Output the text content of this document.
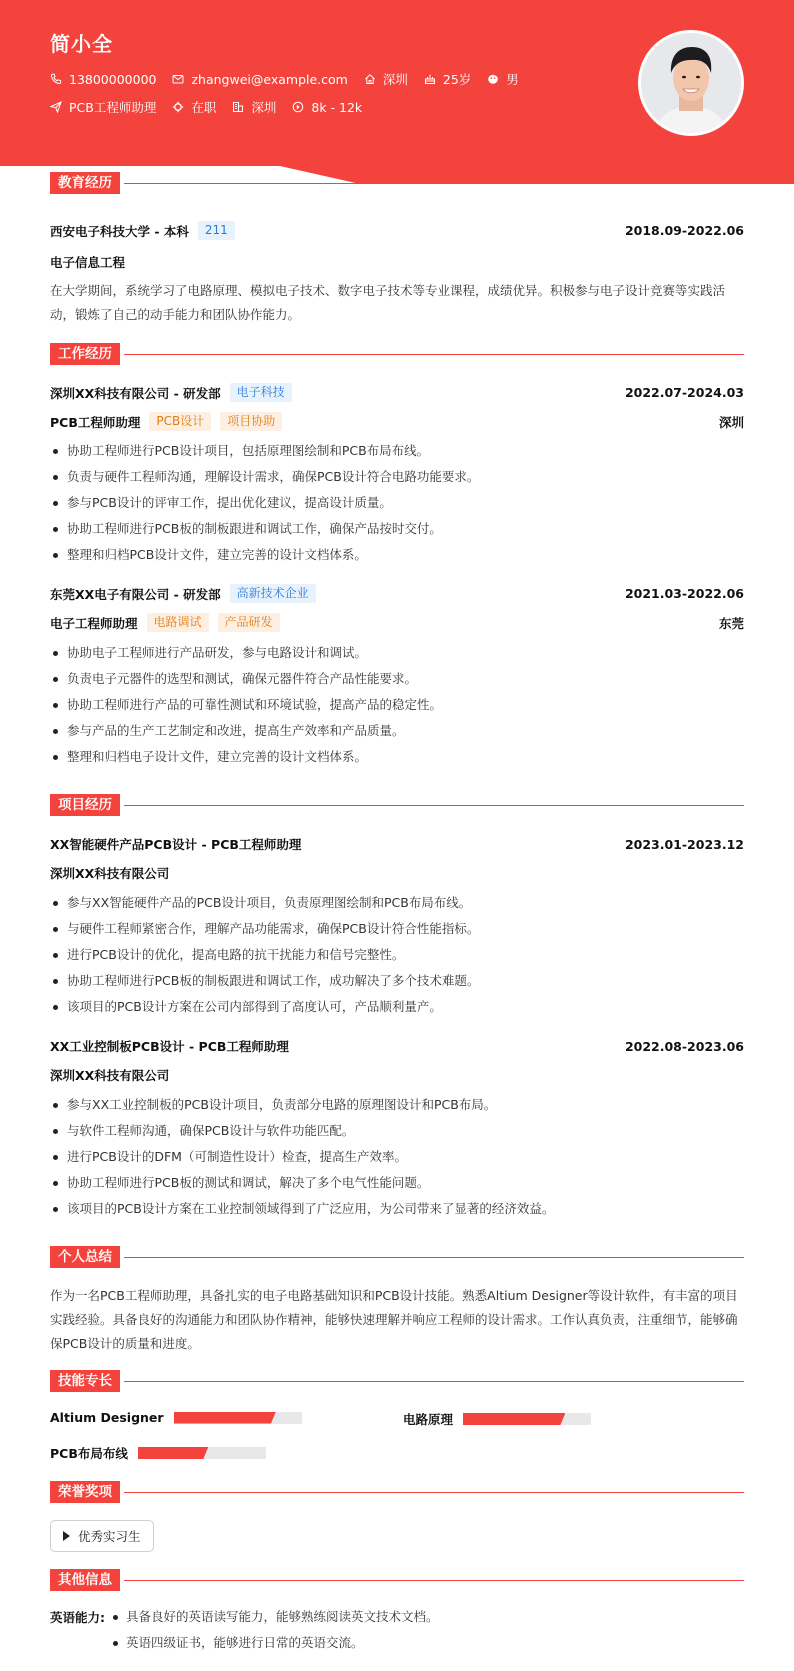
简小全
13800000000	zhangwei@example.com	深圳	25岁	男
PCB工程师助理	在职	深圳	8k - 12k
教育经历
西安电子科技大学 - 本科	211	2018.09-2022.06
电子信息工程
在大学期间，系统学习了电路原理、模拟电子技术、数字电子技术等专业课程，成绩优异。积极参与电子设计竞赛等实践活动，锻炼了自己的动手能力和团队协作能力。
工作经历
深圳XX科技有限公司 - 研发部	电子科技	2022.07-2024.03
PCB工程师助理	PCB设计	项目协助	深圳
协助工程师进行PCB设计项目，包括原理图绘制和PCB布局布线。
负责与硬件工程师沟通，理解设计需求，确保PCB设计符合电路功能要求。
参与PCB设计的评审工作，提出优化建议，提高设计质量。
协助工程师进行PCB板的制板跟进和调试工作，确保产品按时交付。
整理和归档PCB设计文件，建立完善的设计文档体系。
东莞XX电子有限公司 - 研发部	高新技术企业	2021.03-2022.06
电子工程师助理	电路调试	产品研发	东莞
协助电子工程师进行产品研发，参与电路设计和调试。
负责电子元器件的选型和测试，确保元器件符合产品性能要求。
协助工程师进行产品的可靠性测试和环境试验，提高产品的稳定性。
参与产品的生产工艺制定和改进，提高生产效率和产品质量。
整理和归档电子设计文件，建立完善的设计文档体系。
项目经历
XX智能硬件产品PCB设计 - PCB工程师助理	2023.01-2023.12
深圳XX科技有限公司
参与XX智能硬件产品的PCB设计项目，负责原理图绘制和PCB布局布线。
与硬件工程师紧密合作，理解产品功能需求，确保PCB设计符合性能指标。
进行PCB设计的优化，提高电路的抗干扰能力和信号完整性。
协助工程师进行PCB板的制板跟进和调试工作，成功解决了多个技术难题。
该项目的PCB设计方案在公司内部得到了高度认可，产品顺利量产。
XX工业控制板PCB设计 - PCB工程师助理	2022.08-2023.06
深圳XX科技有限公司
参与XX工业控制板的PCB设计项目，负责部分电路的原理图设计和PCB布局。
与软件工程师沟通，确保PCB设计与软件功能匹配。
进行PCB设计的DFM（可制造性设计）检查，提高生产效率。
协助工程师进行PCB板的测试和调试，解决了多个电气性能问题。
该项目的PCB设计方案在工业控制领域得到了广泛应用，为公司带来了显著的经济效益。
个人总结
作为一名PCB工程师助理，具备扎实的电子电路基础知识和PCB设计技能。熟悉Altium Designer等设计软件，有丰富的项目实践经验。具备良好的沟通能力和团队协作精神，能够快速理解并响应工程师的设计需求。工作认真负责，注重细节，能够确保PCB设计的质量和进度。
技能专长
Altium Designer	电路原理
PCB布局布线
荣誉奖项
优秀实习生
其他信息
英语能力:	具备良好的英语读写能力，能够熟练阅读英文技术文档。
英语四级证书，能够进行日常的英语交流。
